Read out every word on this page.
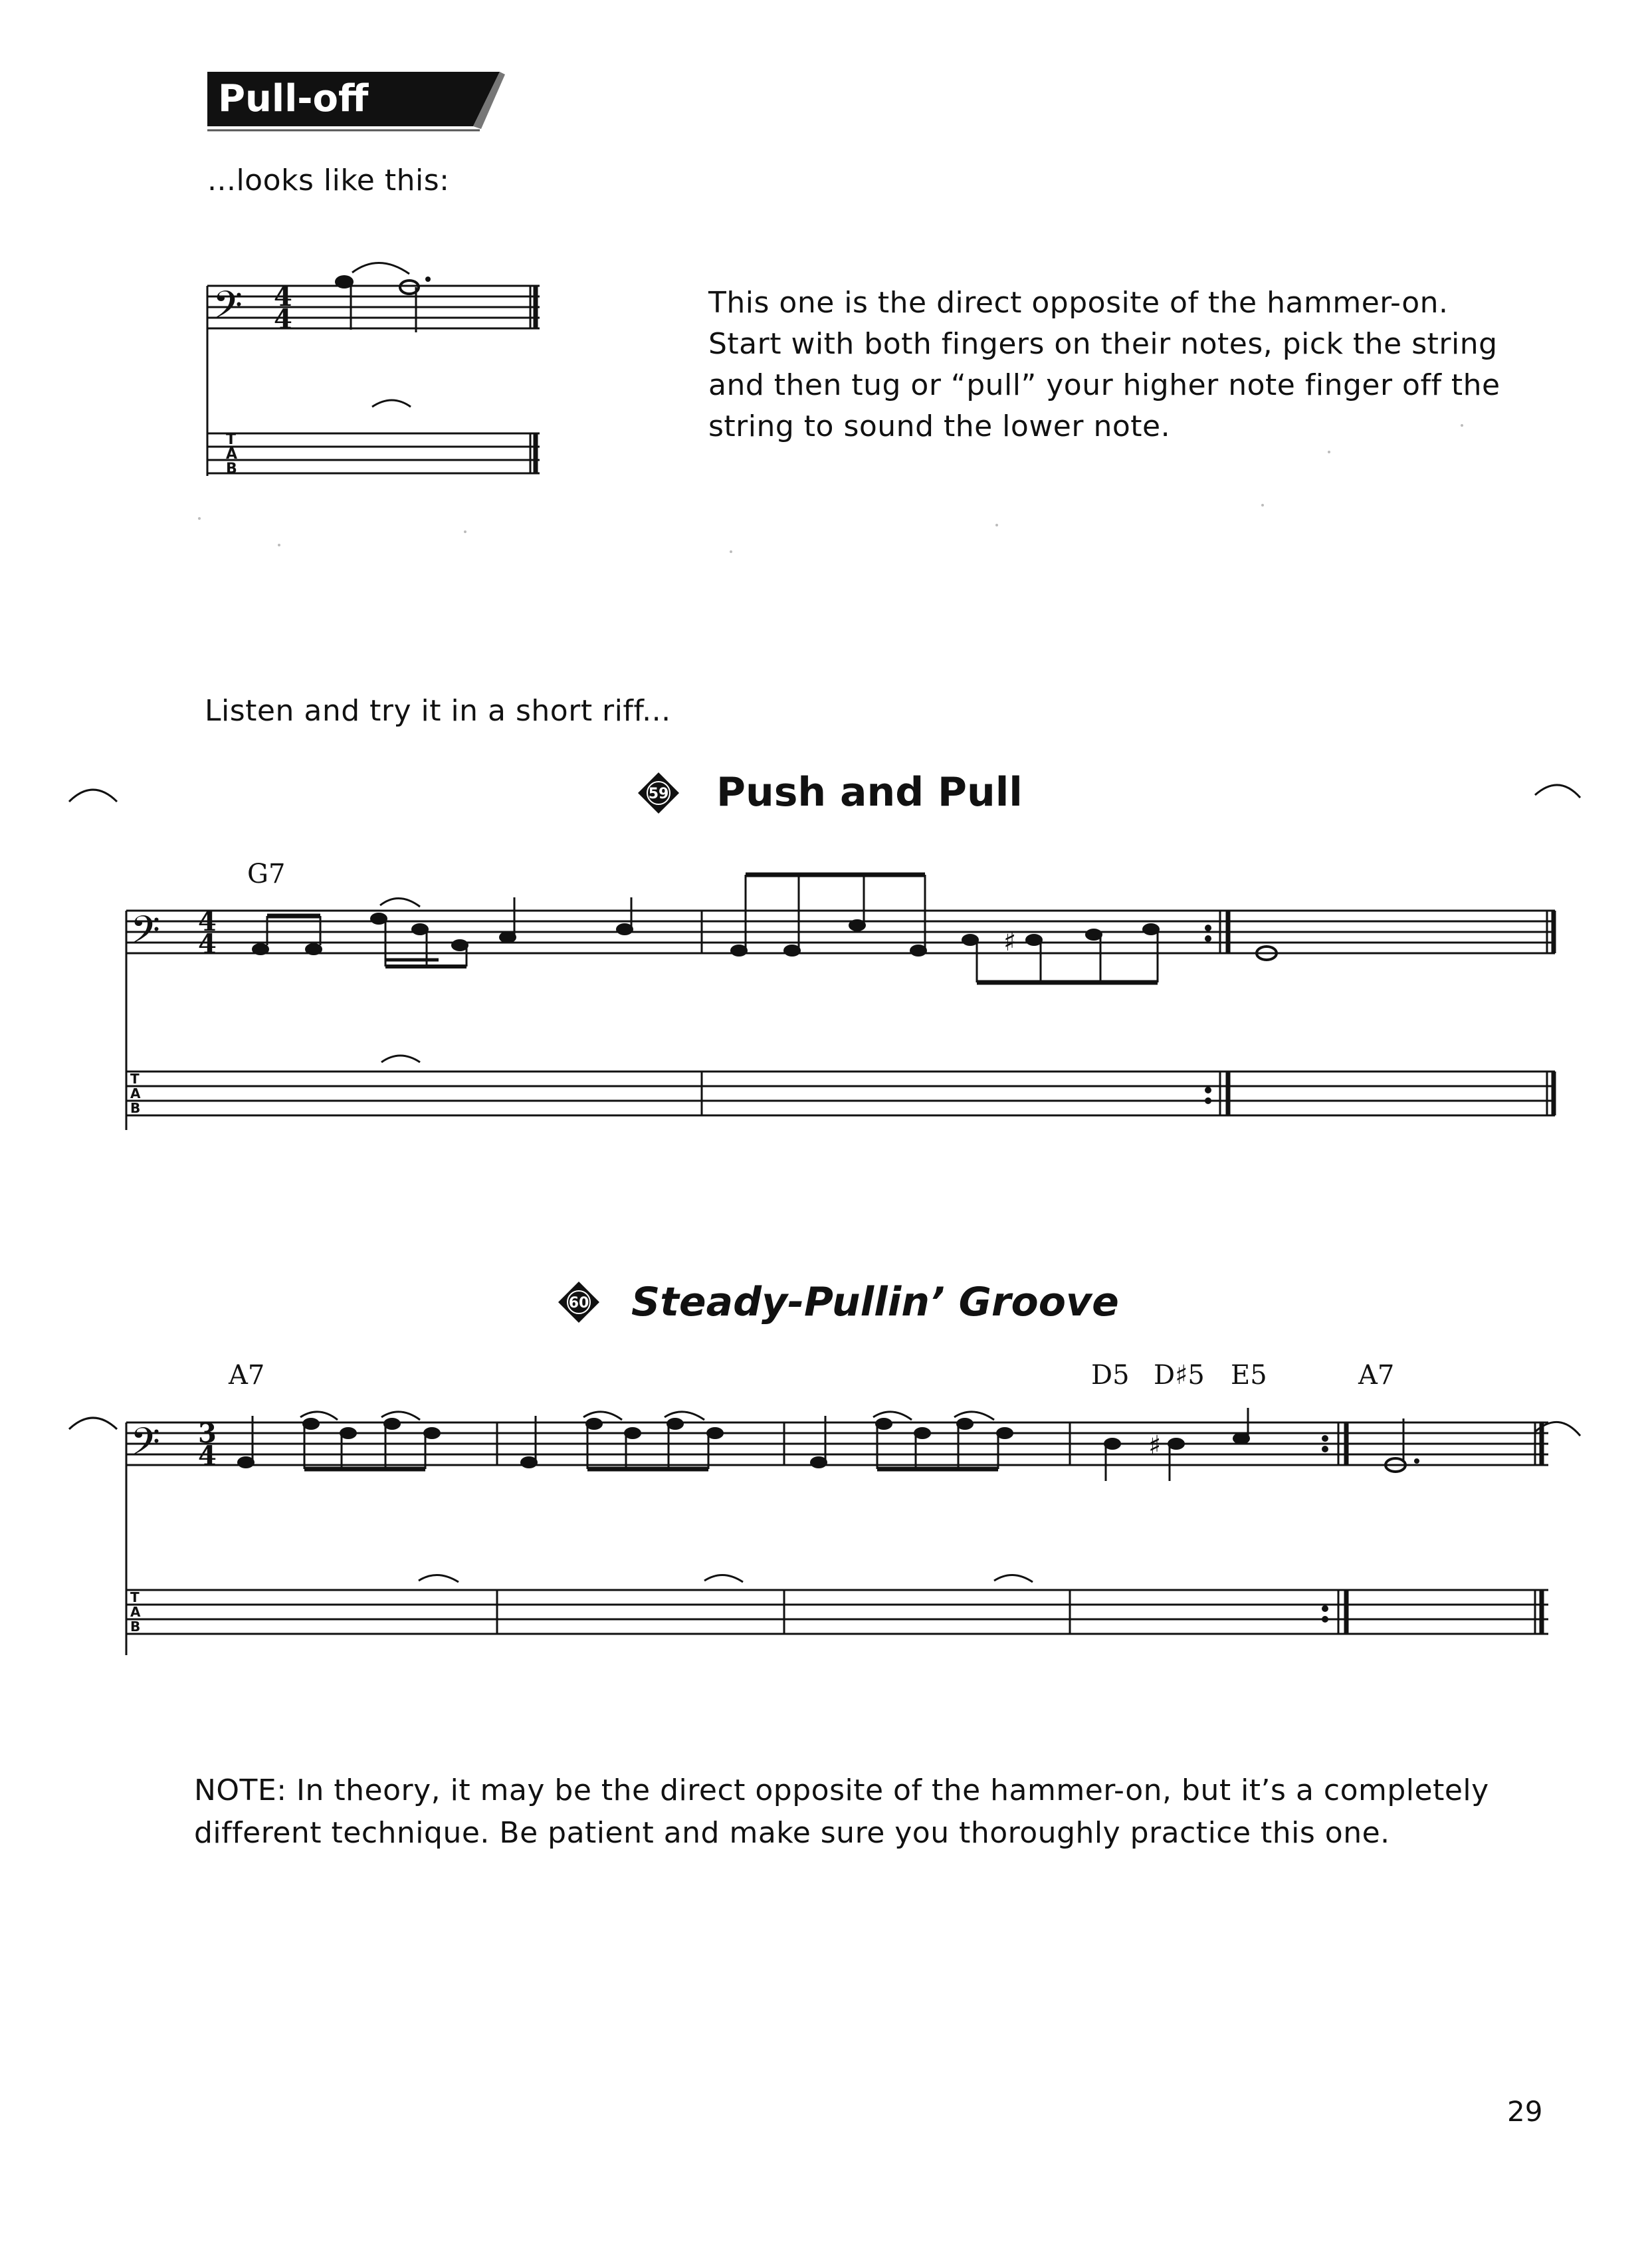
Pull-off
...looks like this:
This one is the direct opposite of the hammer-on. Start with both fingers on their notes, pick the string and then tug or “pull” your higher note finger off the string to sound the lower note.
Listen and try it in a short riff...
59 Push and Pull
60 Steady-Pullin’ Groove
G7
A7	D5 D♯5 E5	A7
𝄢 4
4
T
A
B
𝄢 4
4	♯
T
A
B
𝄢 3
4	♯
T
A
B
NOTE: In theory, it may be the direct opposite of the hammer-on, but it’s a completely different technique. Be patient and make sure you thoroughly practice this one.
29
